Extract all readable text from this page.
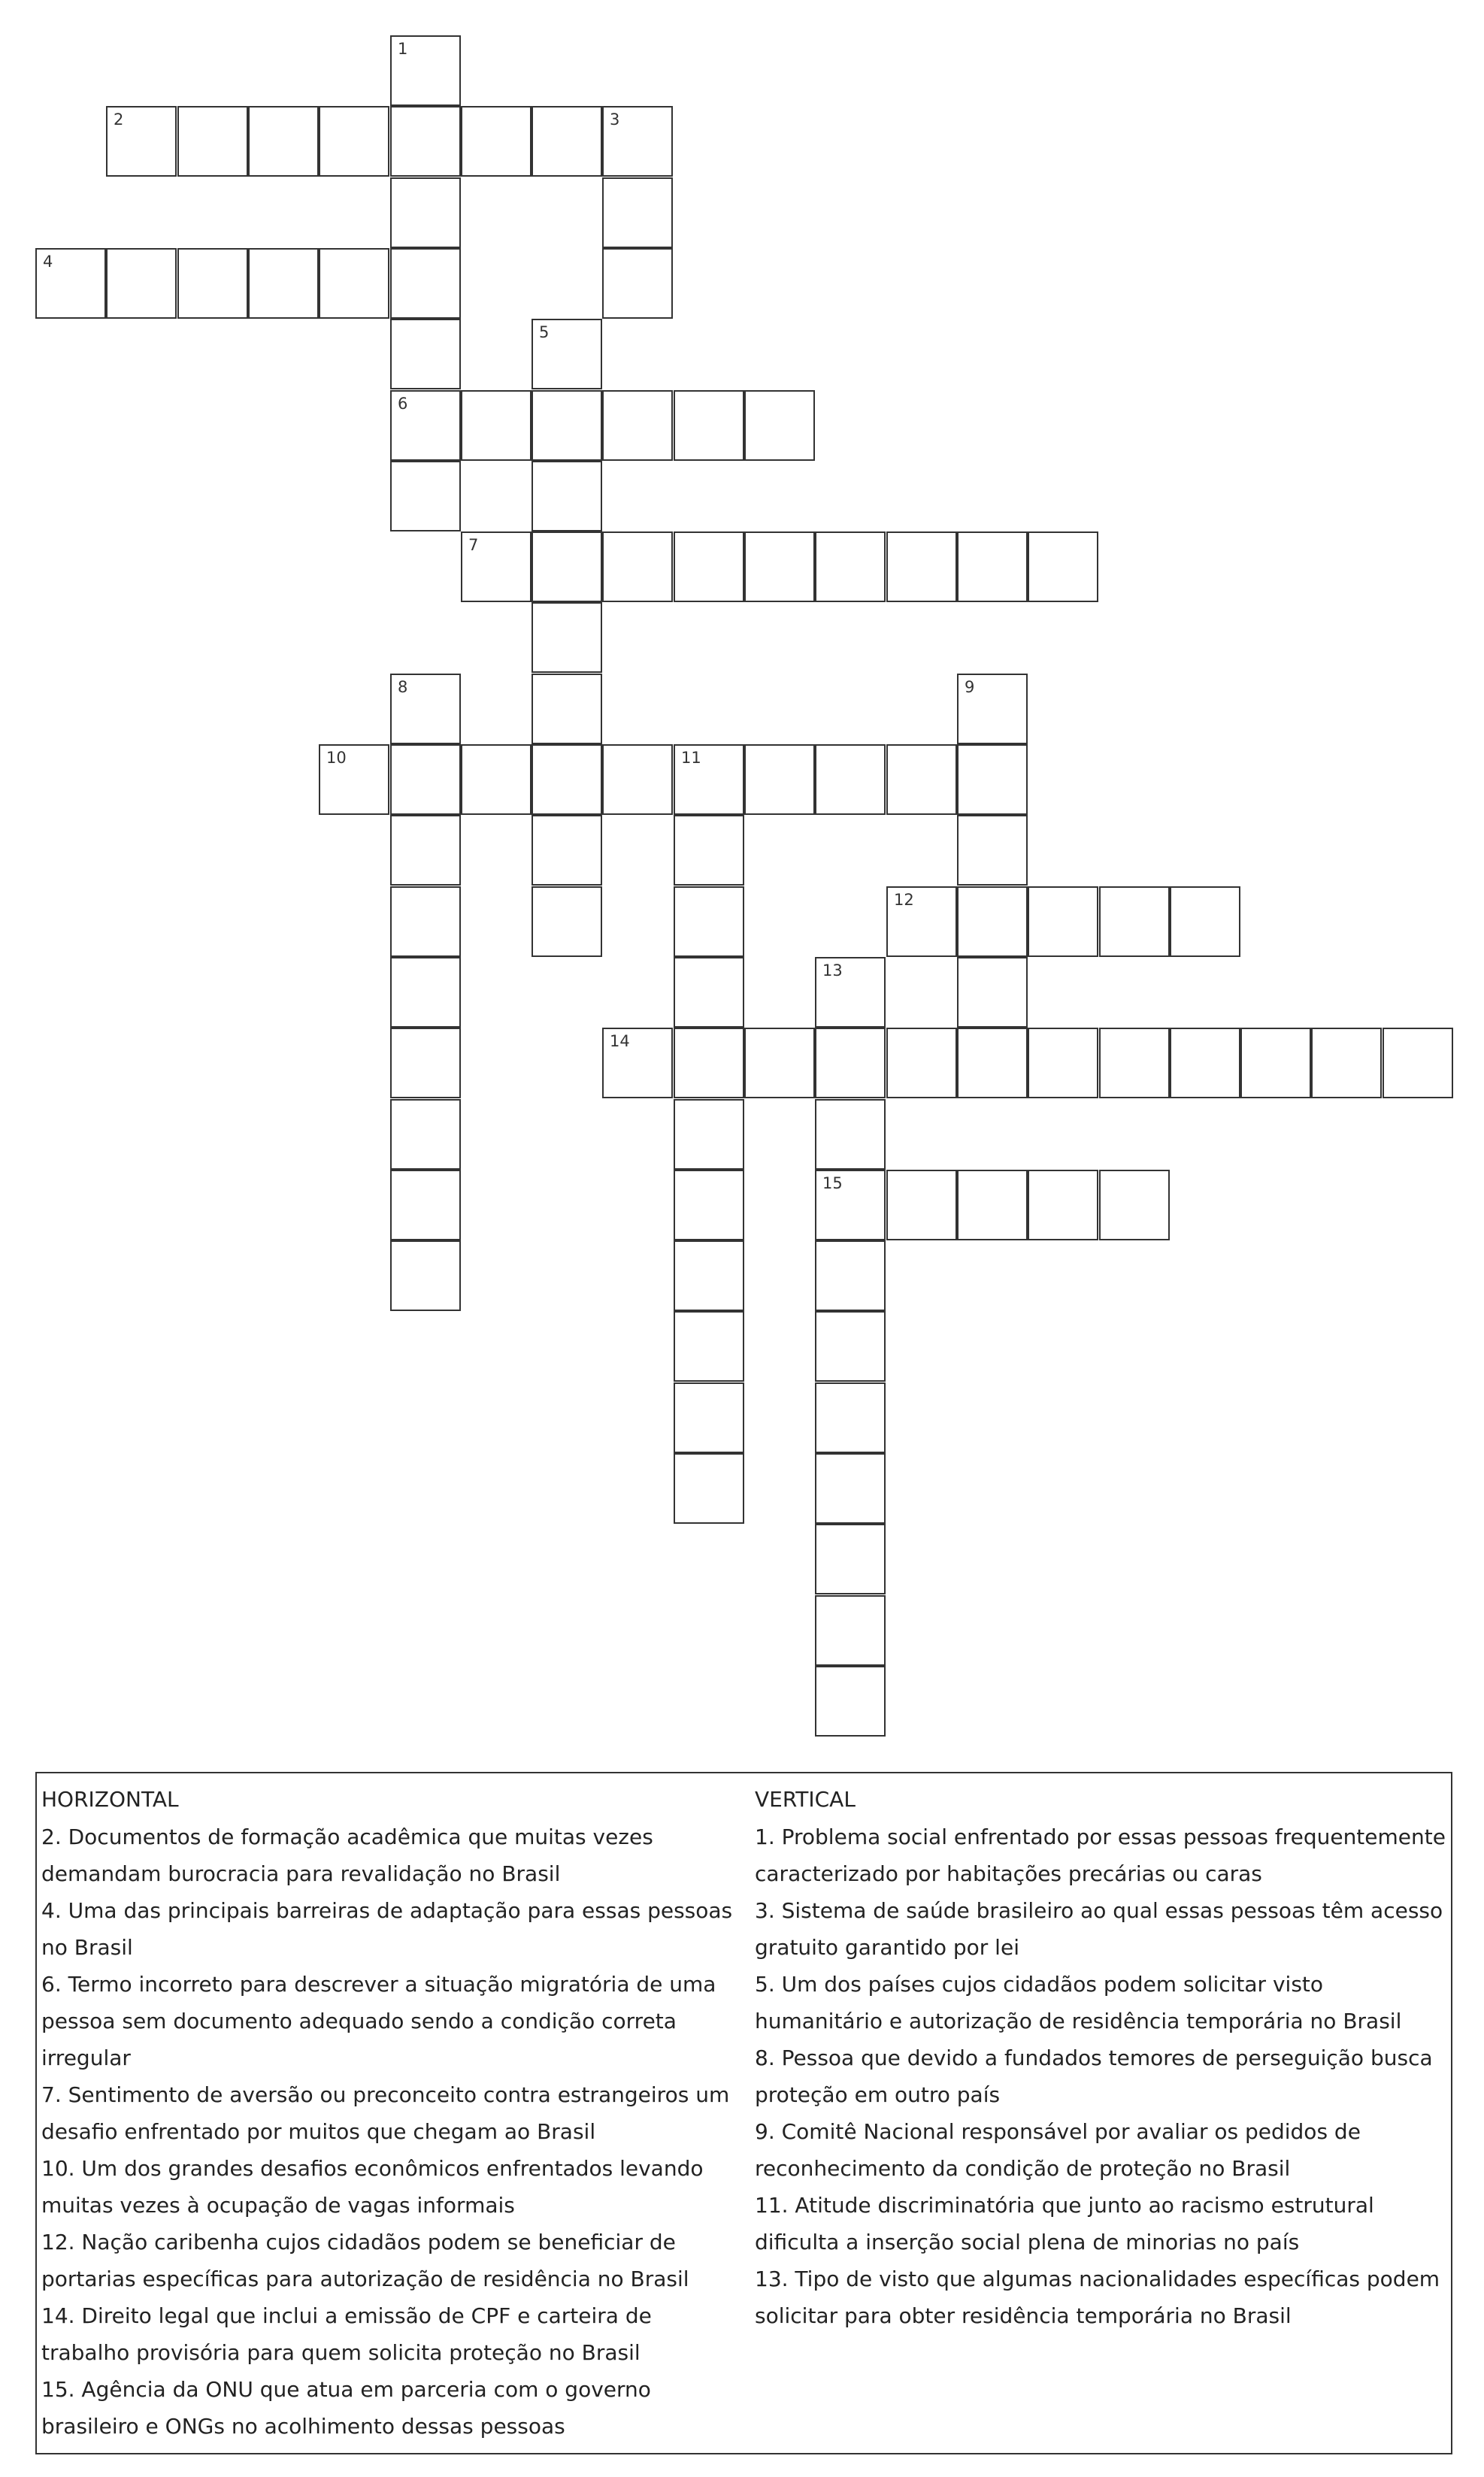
1
6
2	3
4
5
7
8	9
10	11
12
13
15
14
HORIZONTAL
2. Documentos de formação acadêmica que muitas vezes demandam burocracia para revalidação no Brasil
4. Uma das principais barreiras de adaptação para essas pessoas no Brasil
6. Termo incorreto para descrever a situação migratória de uma pessoa sem documento adequado sendo a condição correta irregular
7. Sentimento de aversão ou preconceito contra estrangeiros um desafio enfrentado por muitos que chegam ao Brasil
10. Um dos grandes desafios econômicos enfrentados levando muitas vezes à ocupação de vagas informais
12. Nação caribenha cujos cidadãos podem se beneficiar de portarias específicas para autorização de residência no Brasil
14. Direito legal que inclui a emissão de CPF e carteira de trabalho provisória para quem solicita proteção no Brasil
15. Agência da ONU que atua em parceria com o governo brasileiro e ONGs no acolhimento dessas pessoas
VERTICAL
1. Problema social enfrentado por essas pessoas frequentemente caracterizado por habitações precárias ou caras
3. Sistema de saúde brasileiro ao qual essas pessoas têm acesso gratuito garantido por lei
5. Um dos países cujos cidadãos podem solicitar visto humanitário e autorização de residência temporária no Brasil
8. Pessoa que devido a fundados temores de perseguição busca proteção em outro país
9. Comitê Nacional responsável por avaliar os pedidos de reconhecimento da condição de proteção no Brasil
11. Atitude discriminatória que junto ao racismo estrutural dificulta a inserção social plena de minorias no país
13. Tipo de visto que algumas nacionalidades específicas podem solicitar para obter residência temporária no Brasil
